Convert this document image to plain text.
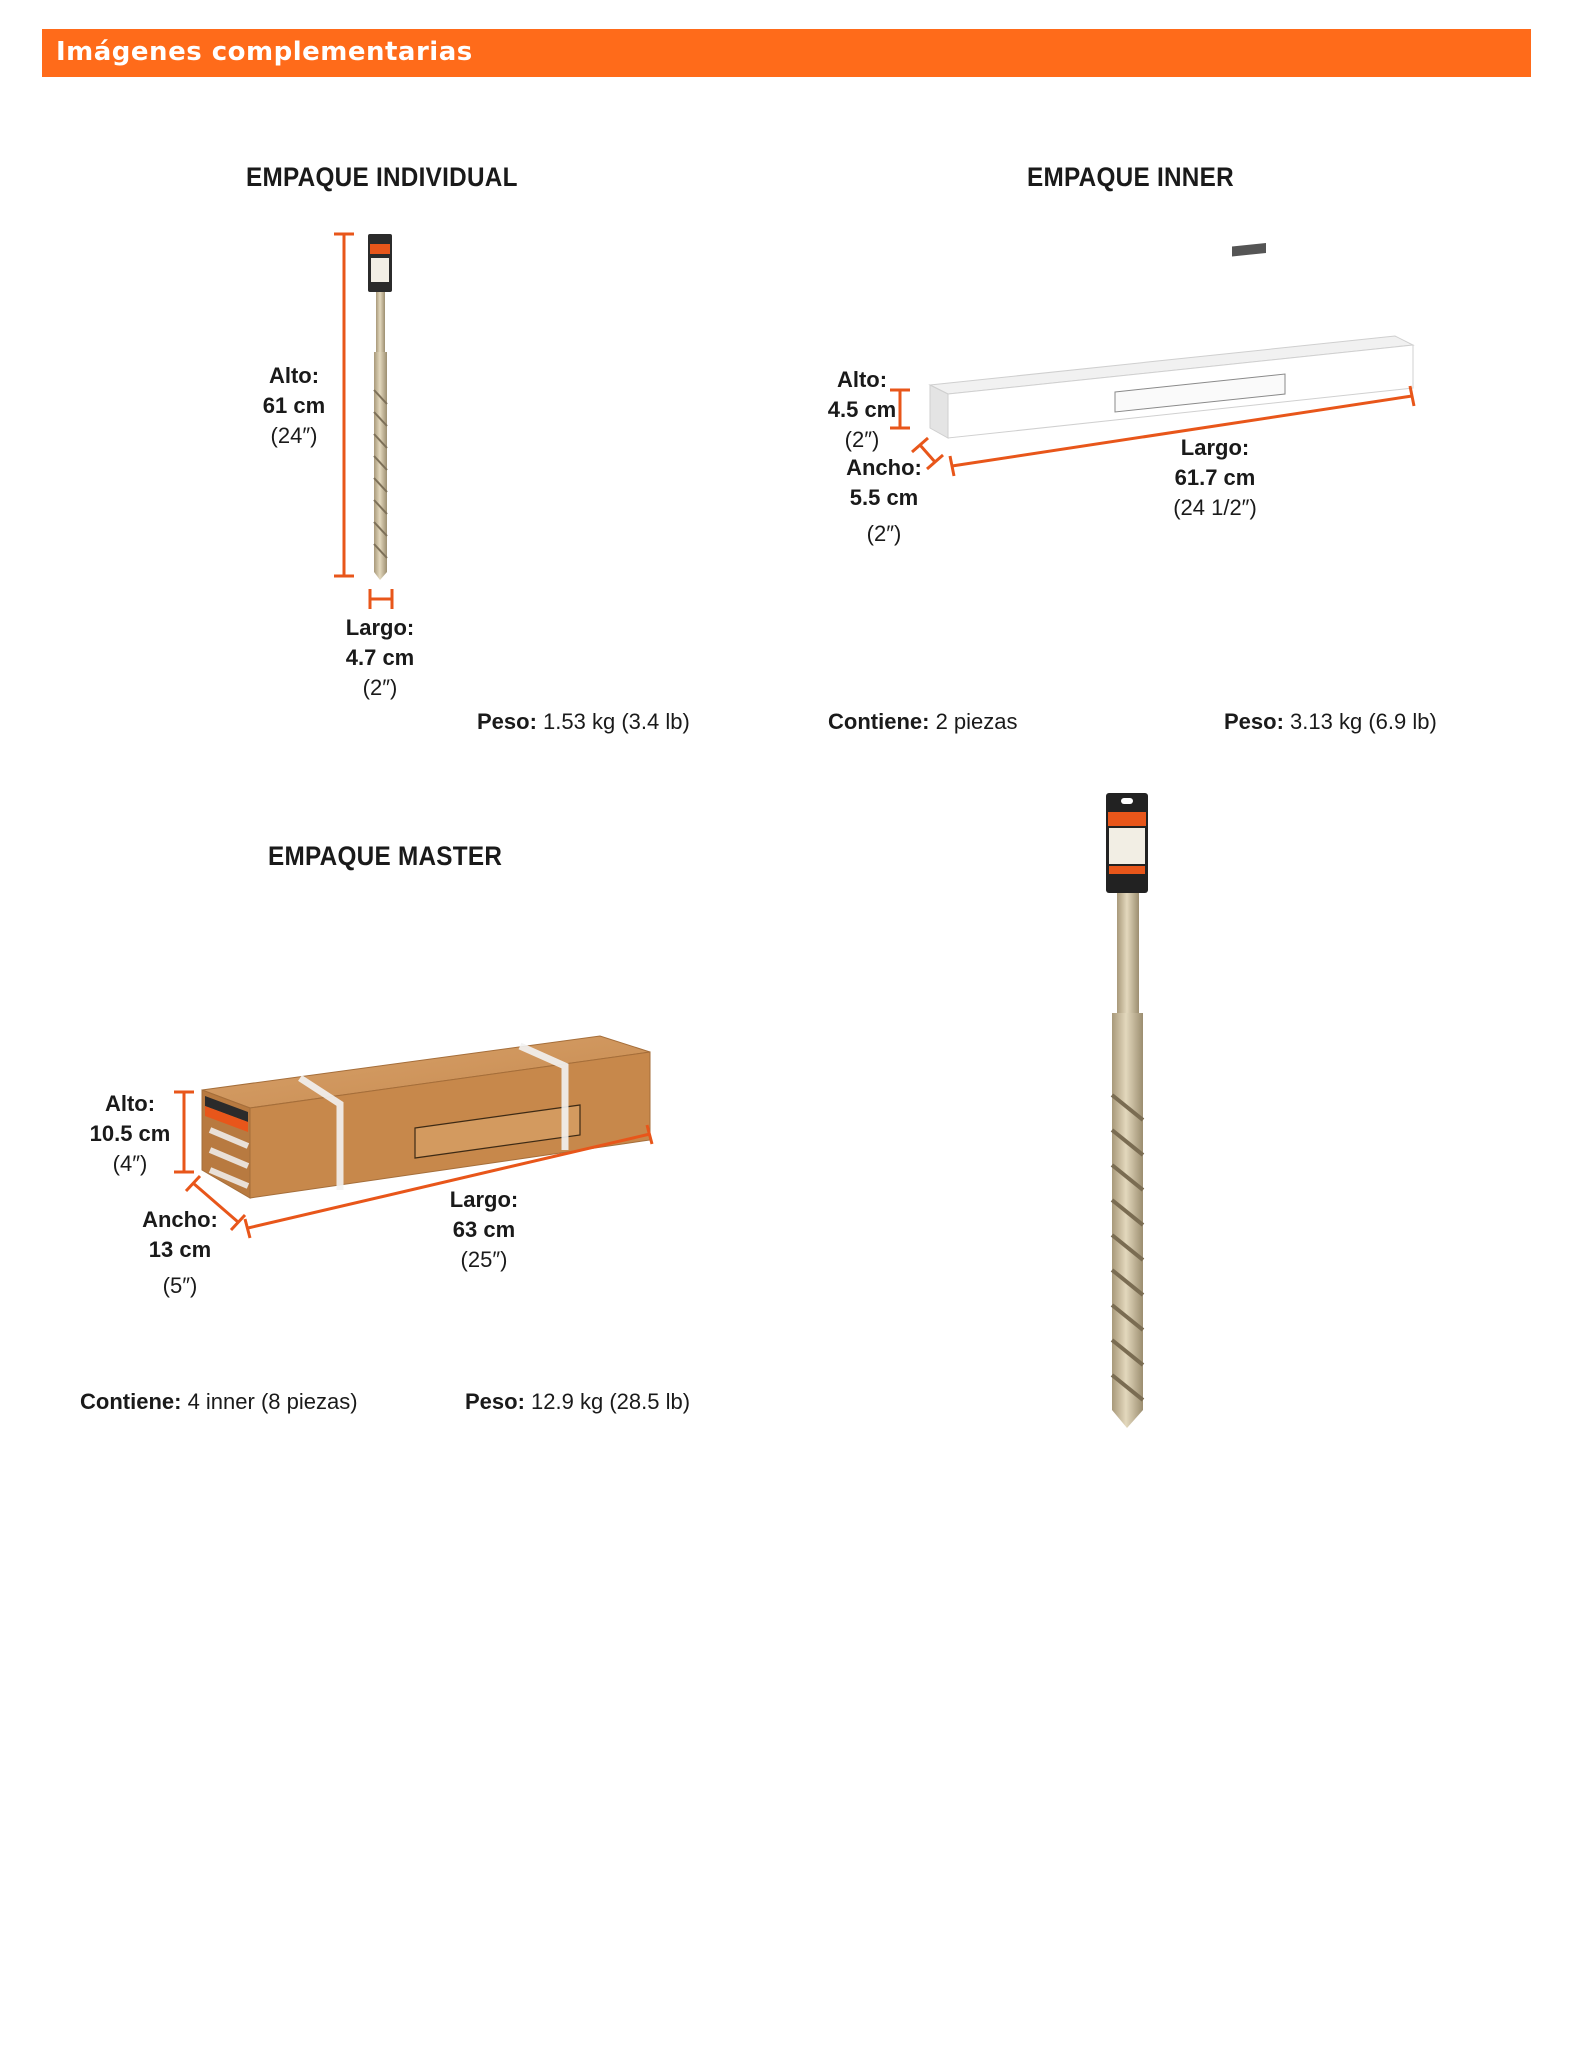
Imágenes complementarias
EMPAQUE INDIVIDUAL
Alto:
61 cm
(24″)
Largo:
4.7 cm
(2″)
Peso: 1.53 kg (3.4 lb)
EMPAQUE INNER
Alto:
4.5 cm
(2″)
Ancho:
5.5 cm
(2″)
Largo:
61.7 cm
(24 1/2″)
Contiene: 2 piezas	Peso: 3.13 kg (6.9 lb)
EMPAQUE MASTER
Alto:
10.5 cm
(4″)
Ancho:
13 cm
(5″)
Largo:
63 cm
(25″)
Contiene: 4 inner (8 piezas)	Peso: 12.9 kg (28.5 lb)
